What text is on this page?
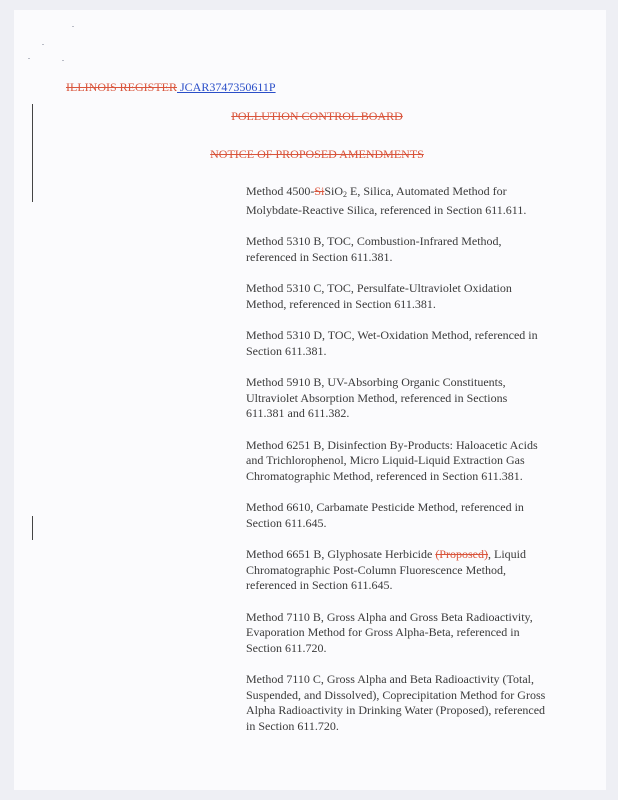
ILLINOIS REGISTER JCAR3747350611P
POLLUTION CONTROL BOARD
NOTICE OF PROPOSED AMENDMENTS

Method 4500-SiSiO$_2$ E, Silica, Automated Method for Molybdate-Reactive Silica, referenced in Section 611.611.

Method 5310 B, TOC, Combustion-Infrared Method, referenced in Section 611.381.

Method 5310 C, TOC, Persulfate-Ultraviolet Oxidation Method, referenced in Section 611.381.

Method 5310 D, TOC, Wet-Oxidation Method, referenced in Section 611.381.

Method 5910 B, UV-Absorbing Organic Constituents, Ultraviolet Absorption Method, referenced in Sections 611.381 and 611.382.

Method 6251 B, Disinfection By-Products: Haloacetic Acids and Trichlorophenol, Micro Liquid-Liquid Extraction Gas Chromatographic Method, referenced in Section 611.381.

Method 6610, Carbamate Pesticide Method, referenced in Section 611.645.

Method 6651 B, Glyphosate Herbicide (Proposed), Liquid Chromatographic Post-Column Fluorescence Method, referenced in Section 611.645.

Method 7110 B, Gross Alpha and Gross Beta Radioactivity, Evaporation Method for Gross Alpha-Beta, referenced in Section 611.720.

Method 7110 C, Gross Alpha and Beta Radioactivity (Total, Suspended, and Dissolved), Coprecipitation Method for Gross Alpha Radioactivity in Drinking Water (Proposed), referenced in Section 611.720.
